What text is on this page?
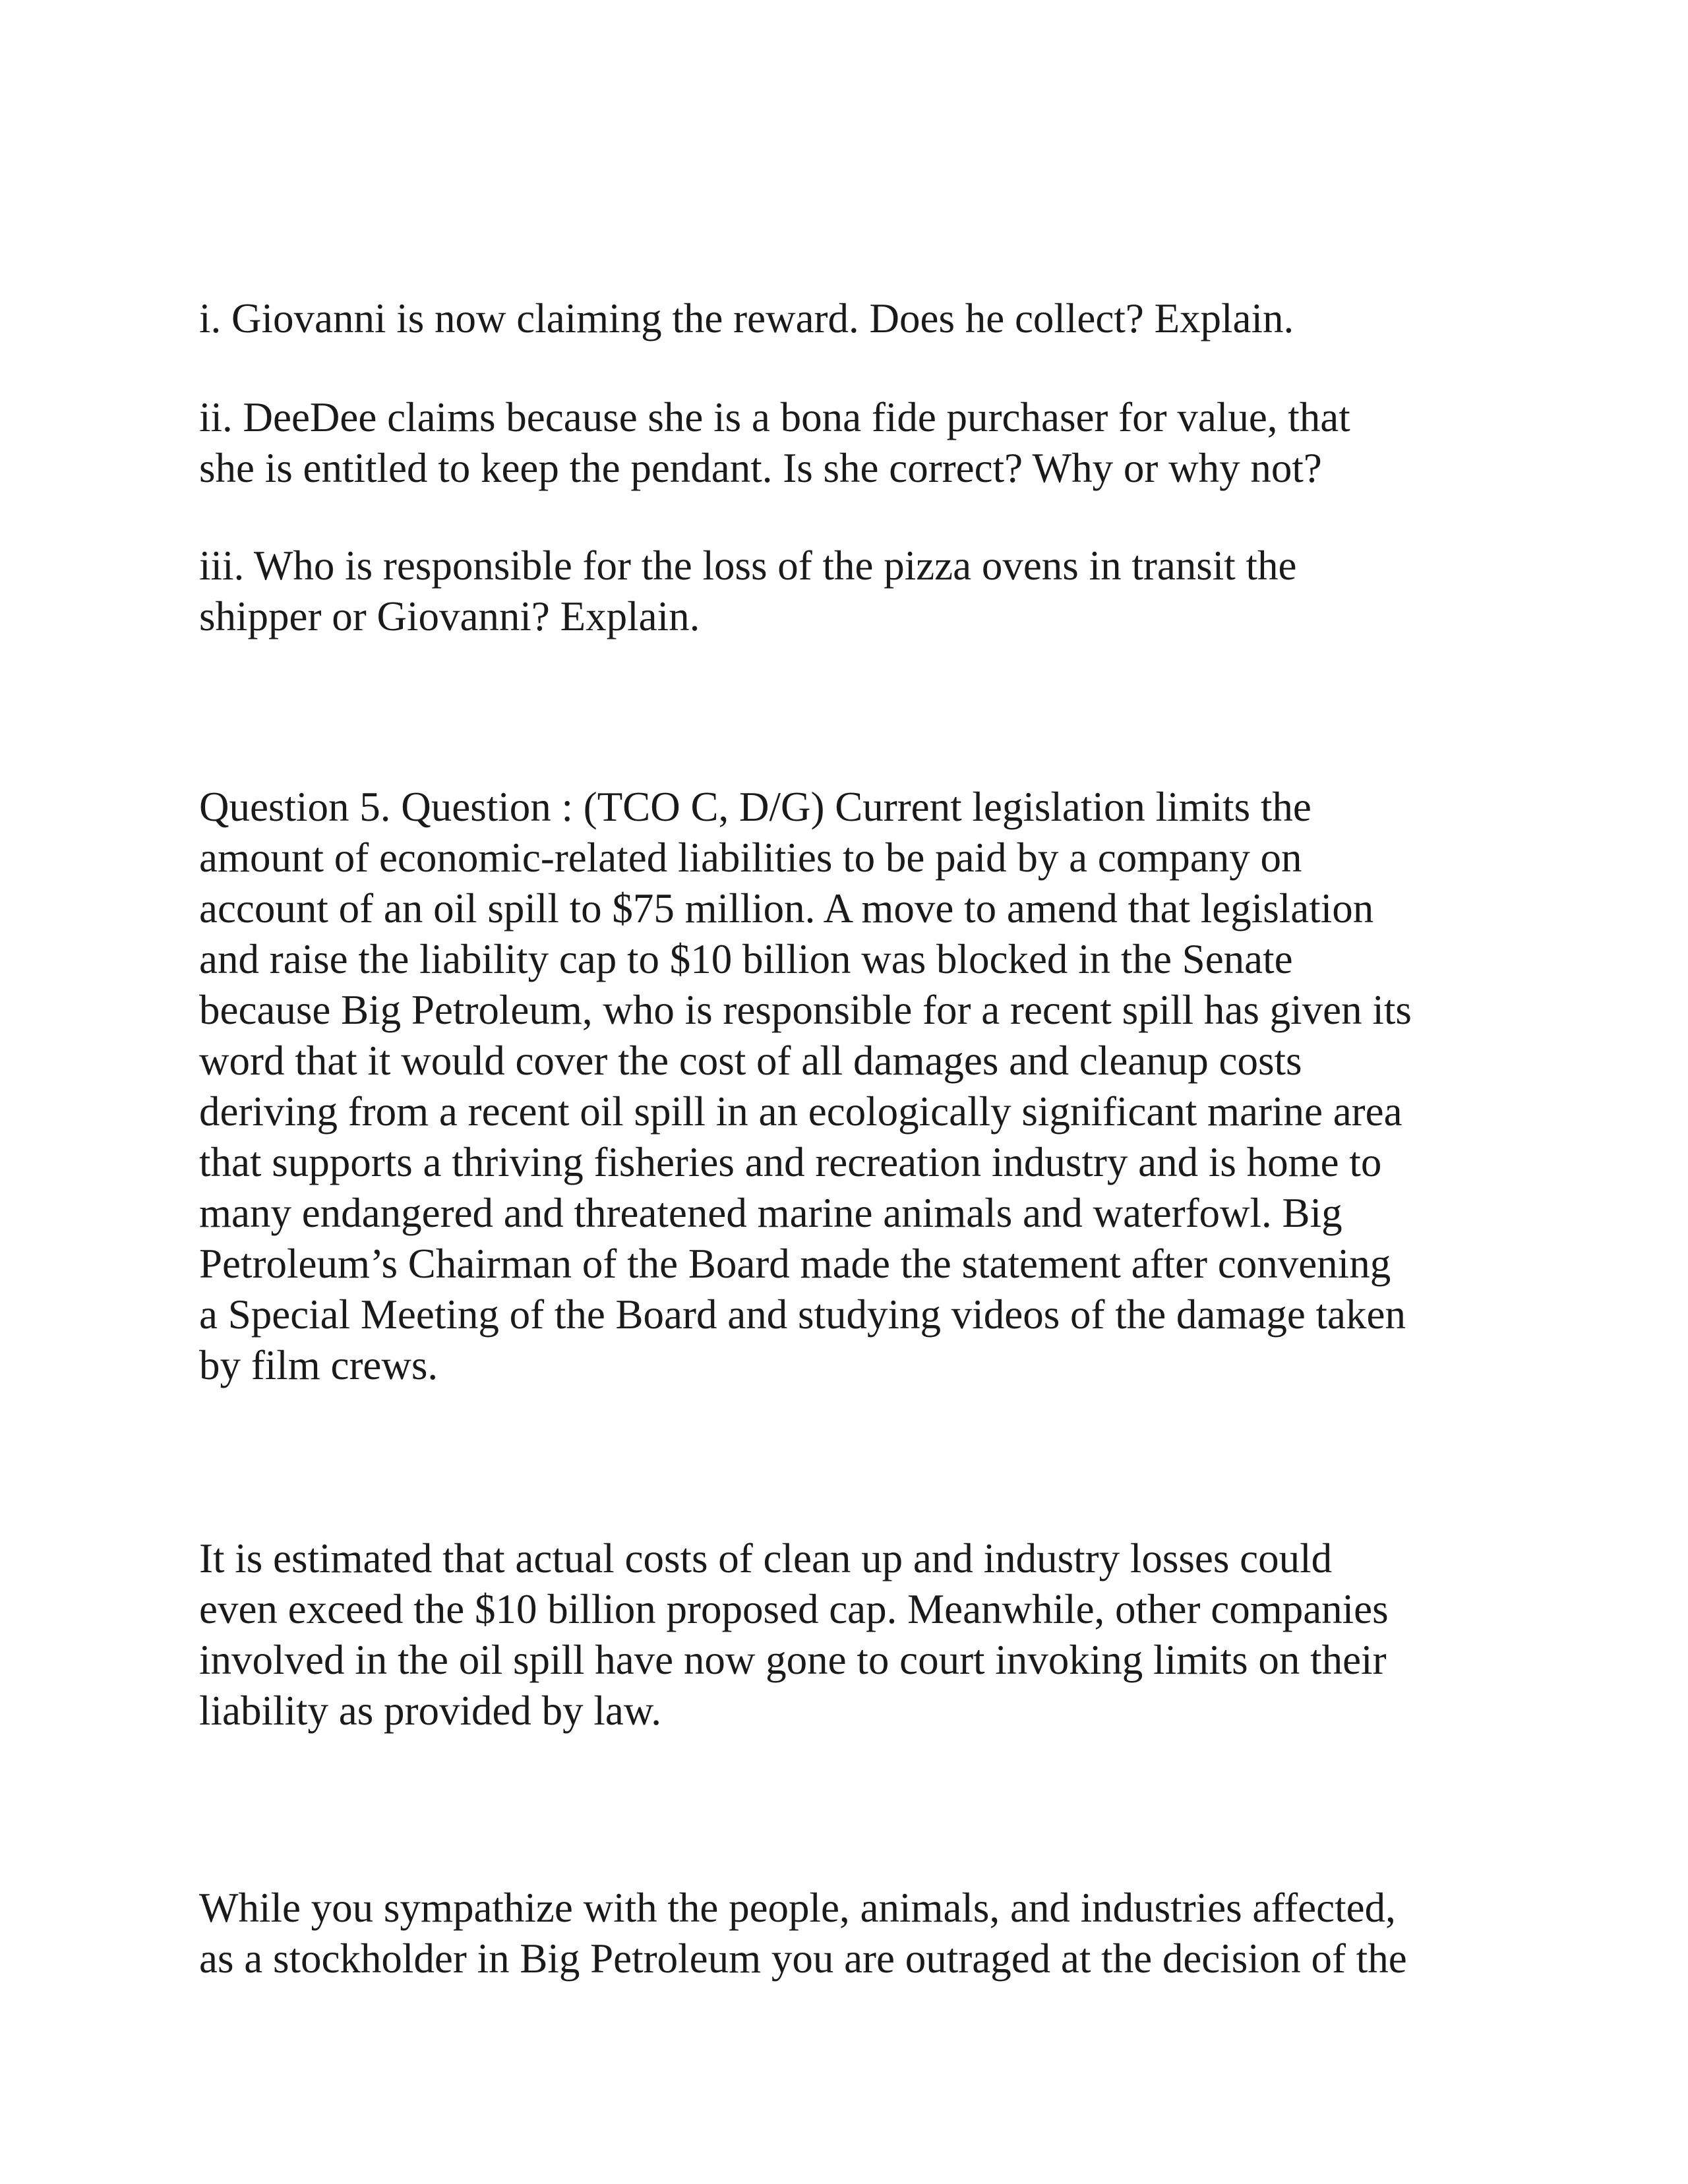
i. Giovanni is now claiming the reward. Does he collect? Explain.

ii. DeeDee claims because she is a bona fide purchaser for value, that
she is entitled to keep the pendant. Is she correct? Why or why not?

iii. Who is responsible for the loss of the pizza ovens in transit the
shipper or Giovanni? Explain.

Question 5. Question : (TCO C, D/G) Current legislation limits the
amount of economic-related liabilities to be paid by a company on
account of an oil spill to $75 million. A move to amend that legislation
and raise the liability cap to $10 billion was blocked in the Senate
because Big Petroleum, who is responsible for a recent spill has given its
word that it would cover the cost of all damages and cleanup costs
deriving from a recent oil spill in an ecologically significant marine area
that supports a thriving fisheries and recreation industry and is home to
many endangered and threatened marine animals and waterfowl. Big
Petroleum’s Chairman of the Board made the statement after convening
a Special Meeting of the Board and studying videos of the damage taken
by film crews.

It is estimated that actual costs of clean up and industry losses could
even exceed the $10 billion proposed cap. Meanwhile, other companies
involved in the oil spill have now gone to court invoking limits on their
liability as provided by law.

While you sympathize with the people, animals, and industries affected,
as a stockholder in Big Petroleum you are outraged at the decision of the
